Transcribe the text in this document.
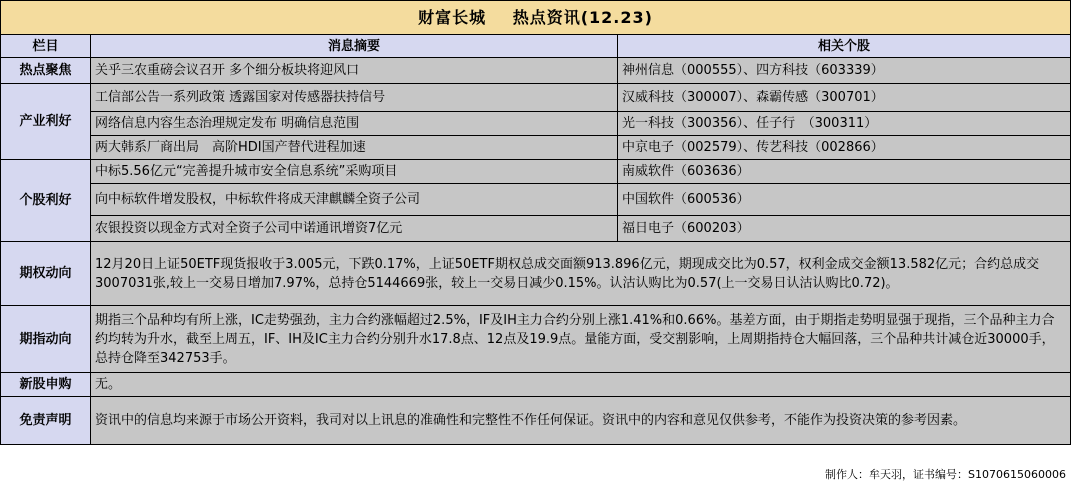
财富长城 热点资讯(12.23)		
栏目	消息摘要	相关个股
热点聚焦	关乎三农重磅会议召开 多个细分板块将迎风口	神州信息（000555）、四方科技（603339）
产业利好	工信部公告一系列政策 透露国家对传感器扶持信号	汉威科技（300007）、森霸传感（300701）
	网络信息内容生态治理规定发布 明确信息范围	光一科技（300356）、任子行　（300311）
	两大韩系厂商出局　高阶HDI国产替代进程加速	中京电子（002579）、传艺科技（002866）
个股利好	中标5.56亿元“完善提升城市安全信息系统”采购项目	南威软件（603636）
	向中标软件增发股权，中标软件将成天津麒麟全资子公司	中国软件（600536）
	农银投资以现金方式对全资子公司中诺通讯增资7亿元	福日电子（600203）
期权动向	12月20日上证50ETF现货报收于3.005元，下跌0.17%，上证50ETF期权总成交面额913.896亿元，期现成交比为0.57，权利金成交金额13.582亿元；合约总成交3007031张,较上一交易日增加7.97%，总持仓5144669张，较上一交易日减少0.15%。认沽认购比为0.57(上一交易日认沽认购比0.72)。	
期指动向	期指三个品种均有所上涨，IC走势强劲，主力合约涨幅超过2.5%，IF及IH主力合约分别上涨1.41%和0.66%。基差方面，由于期指走势明显强于现指，三个品种主力合约均转为升水，截至上周五，IF、IH及IC主力合约分别升水17.8点、12点及19.9点。量能方面，受交割影响，上周期指持仓大幅回落，三个品种共计减仓近30000手，总持仓降至342753手。	
新股申购	无。	
免责声明	资讯中的信息均来源于市场公开资料，我司对以上讯息的准确性和完整性不作任何保证。资讯中的内容和意见仅供参考，不能作为投资决策的参考因素。	
制作人：牟天羽，证书编号：S1070615060006
